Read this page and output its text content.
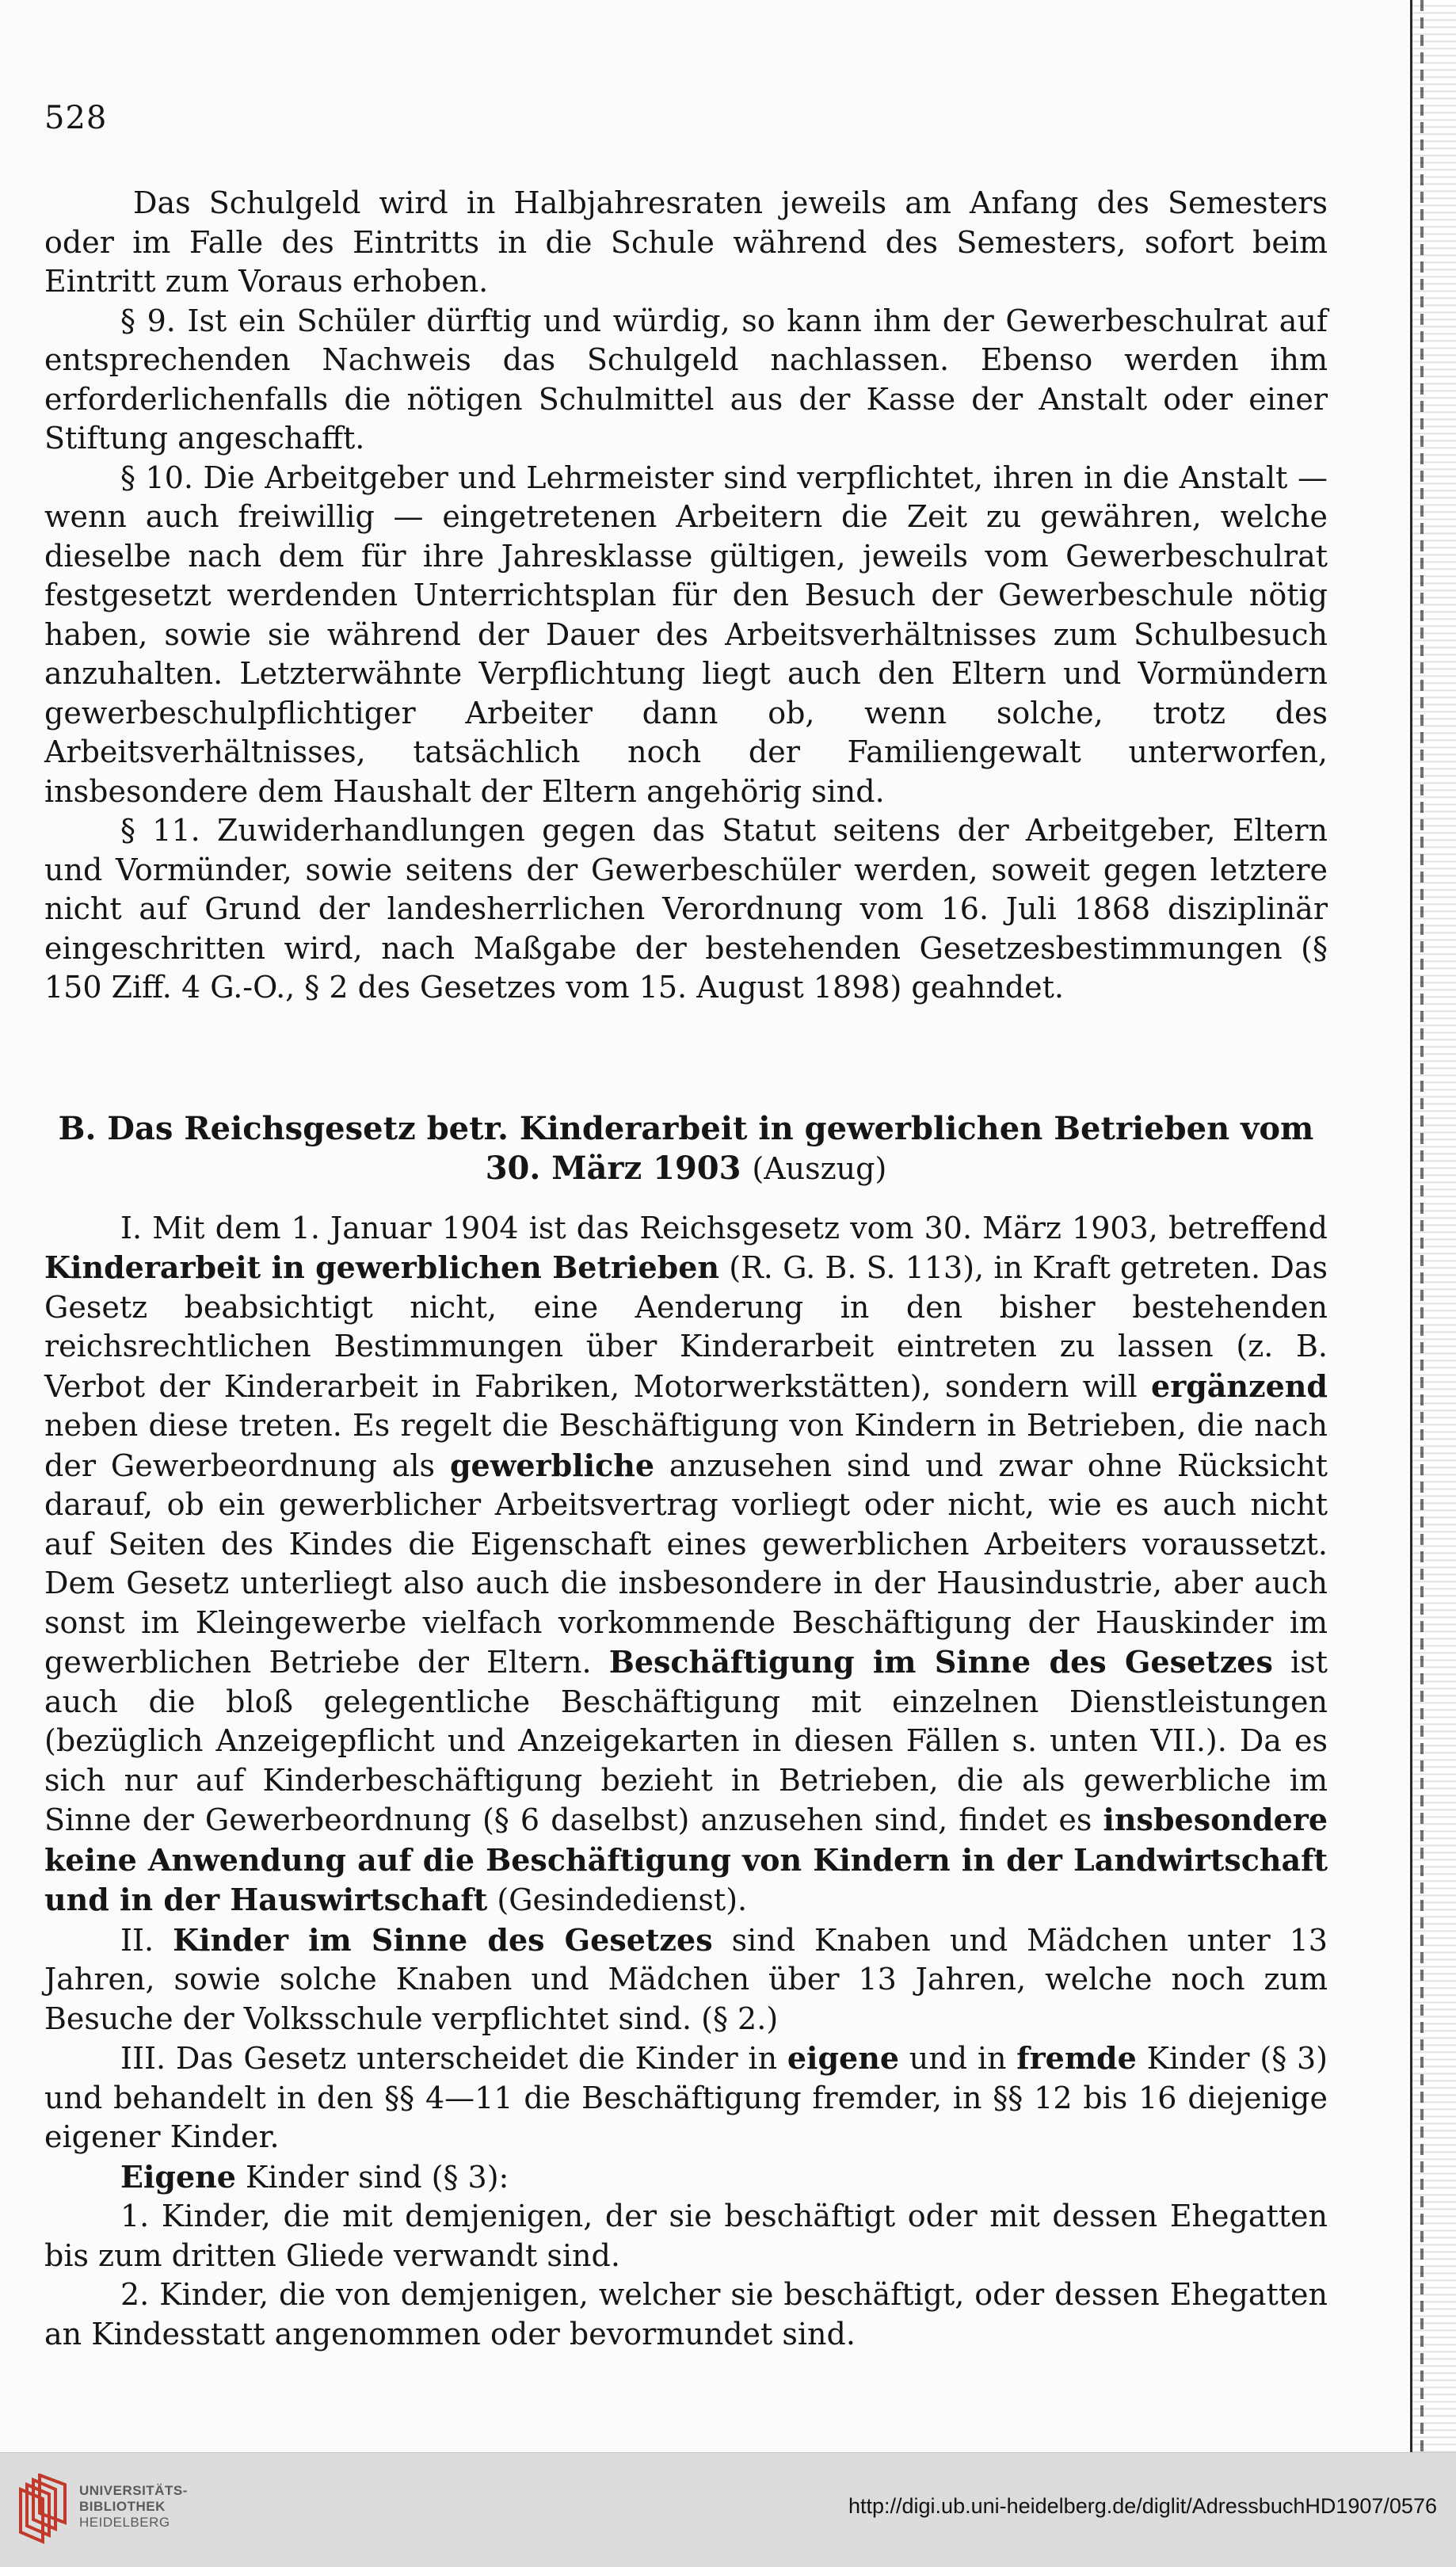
528

Das Schulgeld wird in Halbjahresraten jeweils am Anfang des Semesters oder im Falle des Eintritts in die Schule während des Semesters, sofort beim Eintritt zum Voraus erhoben.

§ 9. Ist ein Schüler dürftig und würdig, so kann ihm der Gewerbeschulrat auf entsprechenden Nachweis das Schulgeld nachlassen. Ebenso werden ihm erforderlichenfalls die nötigen Schulmittel aus der Kasse der Anstalt oder einer Stiftung angeschafft.

§ 10. Die Arbeitgeber und Lehrmeister sind verpflichtet, ihren in die Anstalt — wenn auch freiwillig — eingetretenen Arbeitern die Zeit zu gewähren, welche dieselbe nach dem für ihre Jahresklasse gültigen, jeweils vom Gewerbeschulrat festgesetzt werdenden Unterrichtsplan für den Besuch der Gewerbeschule nötig haben, sowie sie während der Dauer des Arbeitsverhältnisses zum Schulbesuch anzuhalten. Letzterwähnte Verpflichtung liegt auch den Eltern und Vormündern gewerbeschulpflichtiger Arbeiter dann ob, wenn solche, trotz des Arbeitsverhältnisses, tatsächlich noch der Familiengewalt unterworfen, insbesondere dem Haushalt der Eltern angehörig sind.

§ 11. Zuwiderhandlungen gegen das Statut seitens der Arbeitgeber, Eltern und Vormünder, sowie seitens der Gewerbeschüler werden, soweit gegen letztere nicht auf Grund der landesherrlichen Verordnung vom 16. Juli 1868 disziplinär eingeschritten wird, nach Maßgabe der bestehenden Gesetzesbestimmungen (§ 150 Ziff. 4 G.-O., § 2 des Gesetzes vom 15. August 1898) geahndet.

B. Das Reichsgesetz betr. Kinderarbeit in gewerblichen Betrieben vom 30. März 1903 (Auszug)

I. Mit dem 1. Januar 1904 ist das Reichsgesetz vom 30. März 1903, betreffend Kinderarbeit in gewerblichen Betrieben (R. G. B. S. 113), in Kraft getreten. Das Gesetz beabsichtigt nicht, eine Aenderung in den bisher bestehenden reichsrechtlichen Bestimmungen über Kinderarbeit eintreten zu lassen (z. B. Verbot der Kinderarbeit in Fabriken, Motorwerkstätten), sondern will ergänzend neben diese treten. Es regelt die Beschäftigung von Kindern in Betrieben, die nach der Gewerbeordnung als gewerbliche anzusehen sind und zwar ohne Rücksicht darauf, ob ein gewerblicher Arbeitsvertrag vorliegt oder nicht, wie es auch nicht auf Seiten des Kindes die Eigenschaft eines gewerblichen Arbeiters voraussetzt. Dem Gesetz unterliegt also auch die insbesondere in der Hausindustrie, aber auch sonst im Kleingewerbe vielfach vorkommende Beschäftigung der Hauskinder im gewerblichen Betriebe der Eltern. Beschäftigung im Sinne des Gesetzes ist auch die bloß gelegentliche Beschäftigung mit einzelnen Dienstleistungen (bezüglich Anzeigepflicht und Anzeigekarten in diesen Fällen s. unten VII.). Da es sich nur auf Kinderbeschäftigung bezieht in Betrieben, die als gewerbliche im Sinne der Gewerbeordnung (§ 6 daselbst) anzusehen sind, findet es insbesondere keine Anwendung auf die Beschäftigung von Kindern in der Landwirtschaft und in der Hauswirtschaft (Gesindedienst).

II. Kinder im Sinne des Gesetzes sind Knaben und Mädchen unter 13 Jahren, sowie solche Knaben und Mädchen über 13 Jahren, welche noch zum Besuche der Volksschule verpflichtet sind. (§ 2.)

III. Das Gesetz unterscheidet die Kinder in eigene und in fremde Kinder (§ 3) und behandelt in den §§ 4—11 die Beschäftigung fremder, in §§ 12 bis 16 diejenige eigener Kinder.

Eigene Kinder sind (§ 3):

1. Kinder, die mit demjenigen, der sie beschäftigt oder mit dessen Ehegatten bis zum dritten Gliede verwandt sind.

2. Kinder, die von demjenigen, welcher sie beschäftigt, oder dessen Ehegatten an Kindesstatt angenommen oder bevormundet sind.

UNIVERSITÄTS-
BIBLIOTHEK
HEIDELBERG
http://digi.ub.uni-heidelberg.de/diglit/AdressbuchHD1907/0576
